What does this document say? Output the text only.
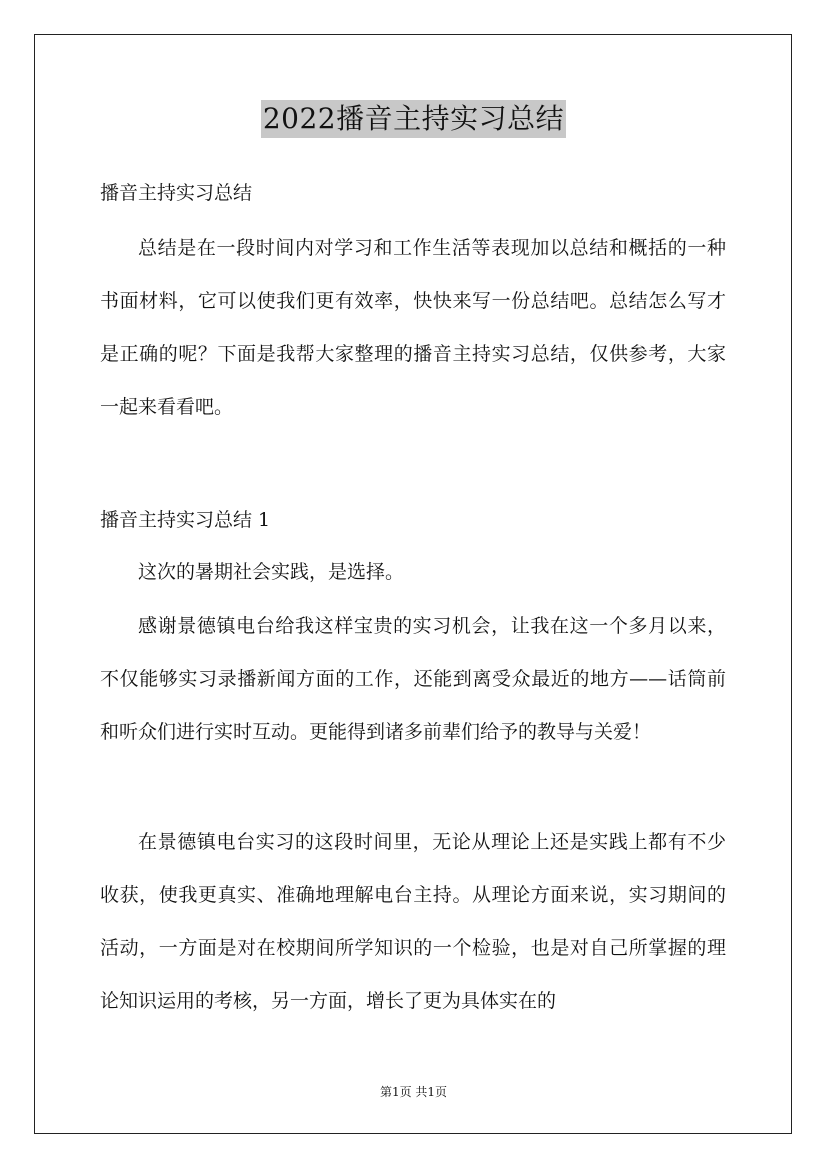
2022播音主持实习总结
播音主持实习总结
总结是在一段时间内对学习和工作生活等表现加以总结和概括的一种书面材料，它可以使我们更有效率，快快来写一份总结吧。总结怎么写才是正确的呢？下面是我帮大家整理的播音主持实习总结，仅供参考，大家一起来看看吧。
播音主持实习总结 1
这次的暑期社会实践，是选择。
感谢景德镇电台给我这样宝贵的实习机会，让我在这一个多月以来，不仅能够实习录播新闻方面的工作，还能到离受众最近的地方——话筒前和听众们进行实时互动。更能得到诸多前辈们给予的教导与关爱！
在景德镇电台实习的这段时间里，无论从理论上还是实践上都有不少收获，使我更真实、准确地理解电台主持。从理论方面来说，实习期间的活动，一方面是对在校期间所学知识的一个检验，也是对自己所掌握的理论知识运用的考核，另一方面，增长了更为具体实在的
第1页 共1页
